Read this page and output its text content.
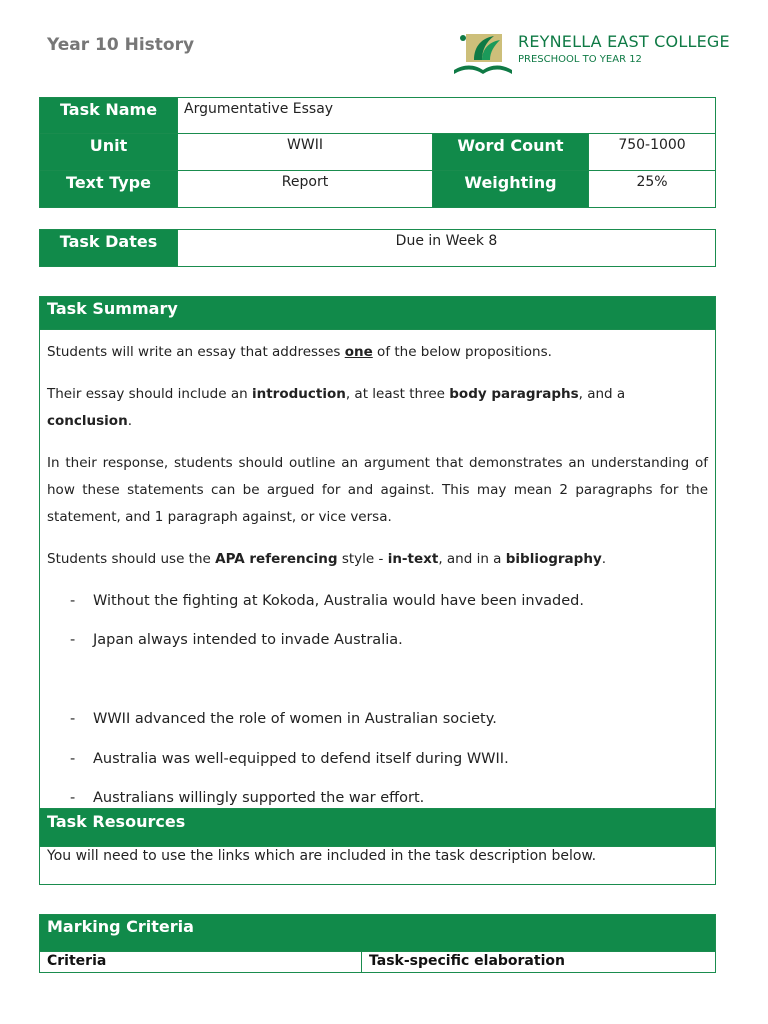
Year 10 History	REYNELLA EAST COLLEGE
PRESCHOOL TO YEAR 12
Task Name	Argumentative Essay		
Unit	WWII	Word Count	750-1000
Text Type	Report	Weighting	25%
Task Dates	Due in Week 8
Task Summary

Students will write an essay that addresses one of the below propositions.

Their essay should include an introduction, at least three body paragraphs, and a conclusion.

In their response, students should outline an argument that demonstrates an understanding of how these statements can be argued for and against. This may mean 2 paragraphs for the statement, and 1 paragraph against, or vice versa.

Students should use the APA referencing style - in-text, and in a bibliography.

- Without the fighting at Kokoda, Australia would have been invaded.
- Japan always intended to invade Australia.
- WWII advanced the role of women in Australian society.
- Australia was well-equipped to defend itself during WWII.
- Australians willingly supported the war effort.

Task Resources
You will need to use the links which are included in the task description below.
Marking Criteria
Criteria	Task-specific elaboration
